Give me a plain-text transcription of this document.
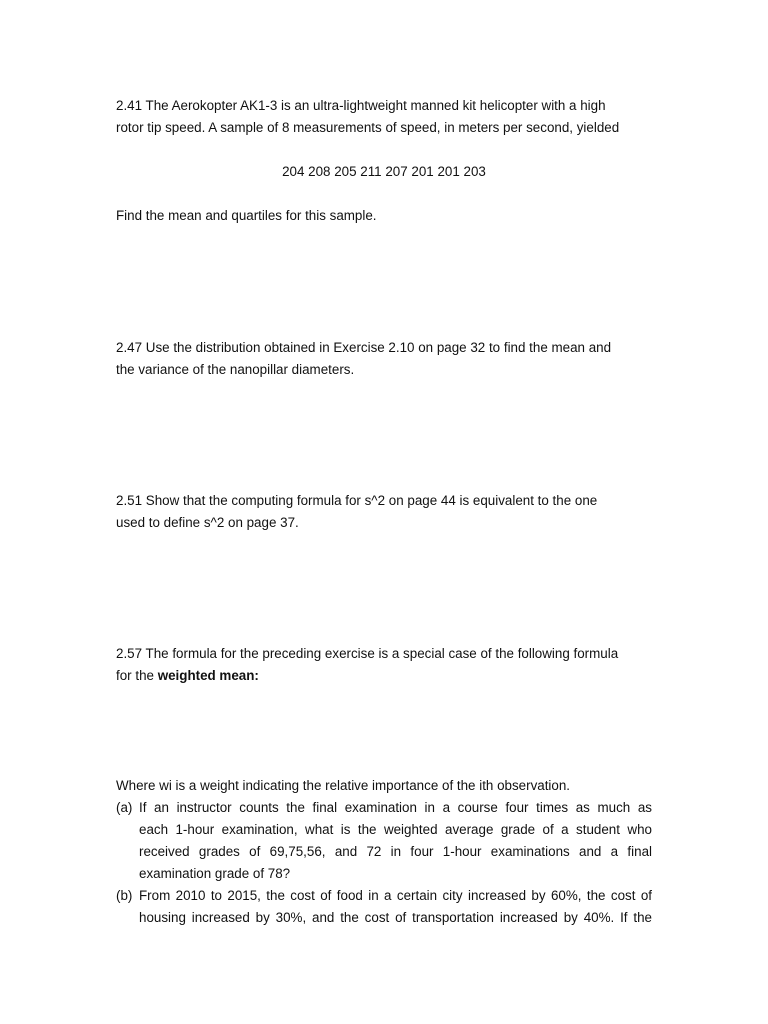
2.41 The Aerokopter AK1-3 is an ultra-lightweight manned kit helicopter with a high
rotor tip speed. A sample of 8 measurements of speed, in meters per second, yielded
204 208 205 211 207 201 201 203
Find the mean and quartiles for this sample.
2.47 Use the distribution obtained in Exercise 2.10 on page 32 to find the mean and
the variance of the nanopillar diameters.
2.51 Show that the computing formula for s^2 on page 44 is equivalent to the one
used to define s^2 on page 37.
2.57 The formula for the preceding exercise is a special case of the following formula
for the weighted mean:
Where wi is a weight indicating the relative importance of the ith observation.
(a) If an instructor counts the final examination in a course four times as much as
each 1-hour examination, what is the weighted average grade of a student who
received grades of 69,75,56, and 72 in four 1-hour examinations and a final
examination grade of 78?
(b) From 2010 to 2015, the cost of food in a certain city increased by 60%, the cost of
housing increased by 30%, and the cost of transportation increased by 40%. If the
